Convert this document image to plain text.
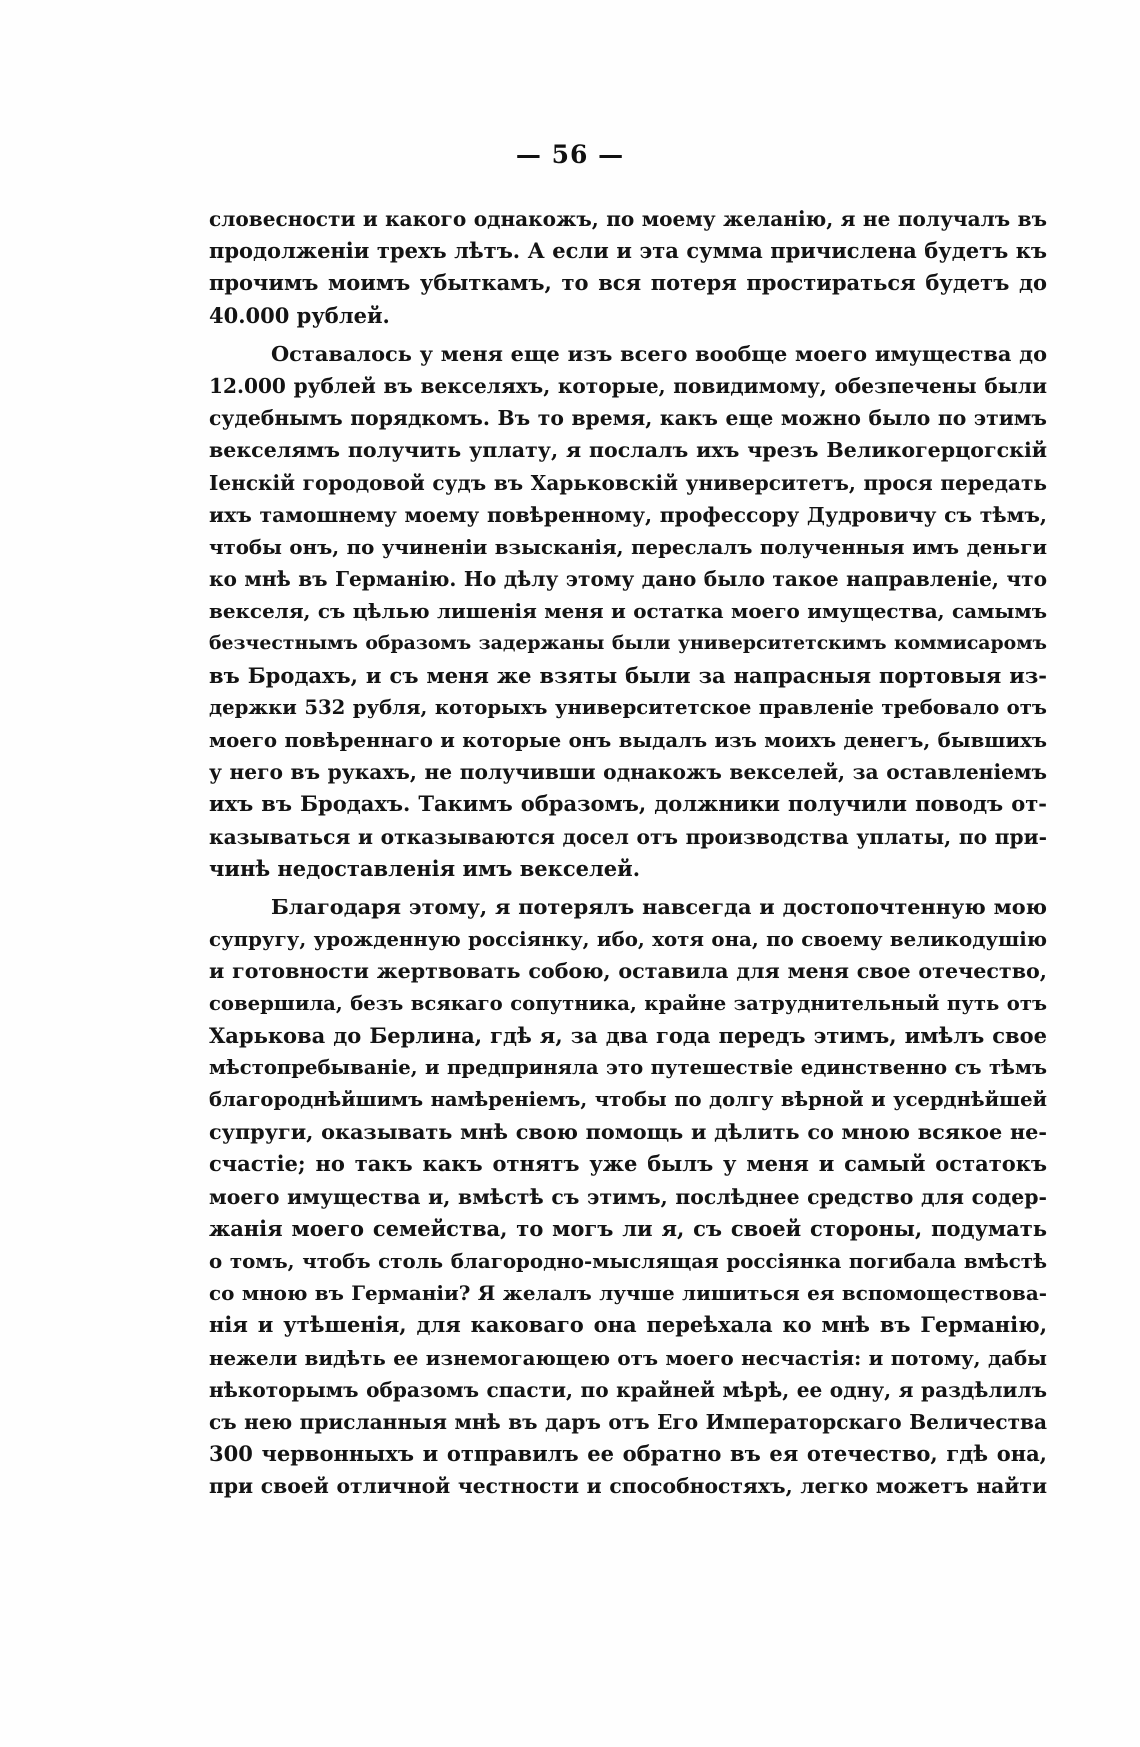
— 56 —
словесности и какого однакожъ, по моему желанію, я не получалъ въ
продолженіи трехъ лѣтъ. А если и эта сумма причислена будетъ къ
прочимъ моимъ убыткамъ, то вся потеря простираться будетъ до
40.000 рублей.
Оставалось у меня еще изъ всего вообще моего имущества до
12.000 рублей въ векселяхъ, которые, повидимому, обезпечены были
судебнымъ порядкомъ. Въ то время, какъ еще можно было по этимъ
векселямъ получить уплату, я послалъ ихъ чрезъ Великогерцогскій
Іенскій городовой судъ въ Харьковскій университетъ, прося передать
ихъ тамошнему моему повѣренному, профессору Дудровичу съ тѣмъ,
чтобы онъ, по учиненіи взысканія, переслалъ полученныя имъ деньги
ко мнѣ въ Германію. Но дѣлу этому дано было такое направленіе, что
векселя, съ цѣлью лишенія меня и остатка моего имущества, самымъ
безчестнымъ образомъ задержаны были университетскимъ коммисаромъ
въ Бродахъ, и съ меня же взяты были за напрасныя портовыя из-
держки 532 рубля, которыхъ университетское правленіе требовало отъ
моего повѣреннаго и которые онъ выдалъ изъ моихъ денегъ, бывшихъ
у него въ рукахъ, не получивши однакожъ векселей, за оставленіемъ
ихъ въ Бродахъ. Такимъ образомъ, должники получили поводъ от-
казываться и отказываются досел отъ производства уплаты, по при-
чинѣ недоставленія имъ векселей.
Благодаря этому, я потерялъ навсегда и достопочтенную мою
супругу, урожденную россіянку, ибо, хотя она, по своему великодушію
и готовности жертвовать собою, оставила для меня свое отечество,
совершила, безъ всякаго сопутника, крайне затруднительный путь отъ
Харькова до Берлина, гдѣ я, за два года передъ этимъ, имѣлъ свое
мѣстопребываніе, и предприняла это путешествіе единственно съ тѣмъ
благороднѣйшимъ намѣреніемъ, чтобы по долгу вѣрной и усерднѣйшей
супруги, оказывать мнѣ свою помощь и дѣлить со мною всякое не-
счастіе; но такъ какъ отнятъ уже былъ у меня и самый остатокъ
моего имущества и, вмѣстѣ съ этимъ, послѣднее средство для содер-
жанія моего семейства, то могъ ли я, съ своей стороны, подумать
о томъ, чтобъ столь благородно-мыслящая россіянка погибала вмѣстѣ
со мною въ Германіи? Я желалъ лучше лишиться ея вспомоществова-
нія и утѣшенія, для каковаго она переѣхала ко мнѣ въ Германію,
нежели видѣть ее изнемогающею отъ моего несчастія: и потому, дабы
нѣкоторымъ образомъ спасти, по крайней мѣрѣ, ее одну, я раздѣлилъ
съ нею присланныя мнѣ въ даръ отъ Его Императорскаго Величества
300 червонныхъ и отправилъ ее обратно въ ея отечество, гдѣ она,
при своей отличной честности и способностяхъ, легко можетъ найти
